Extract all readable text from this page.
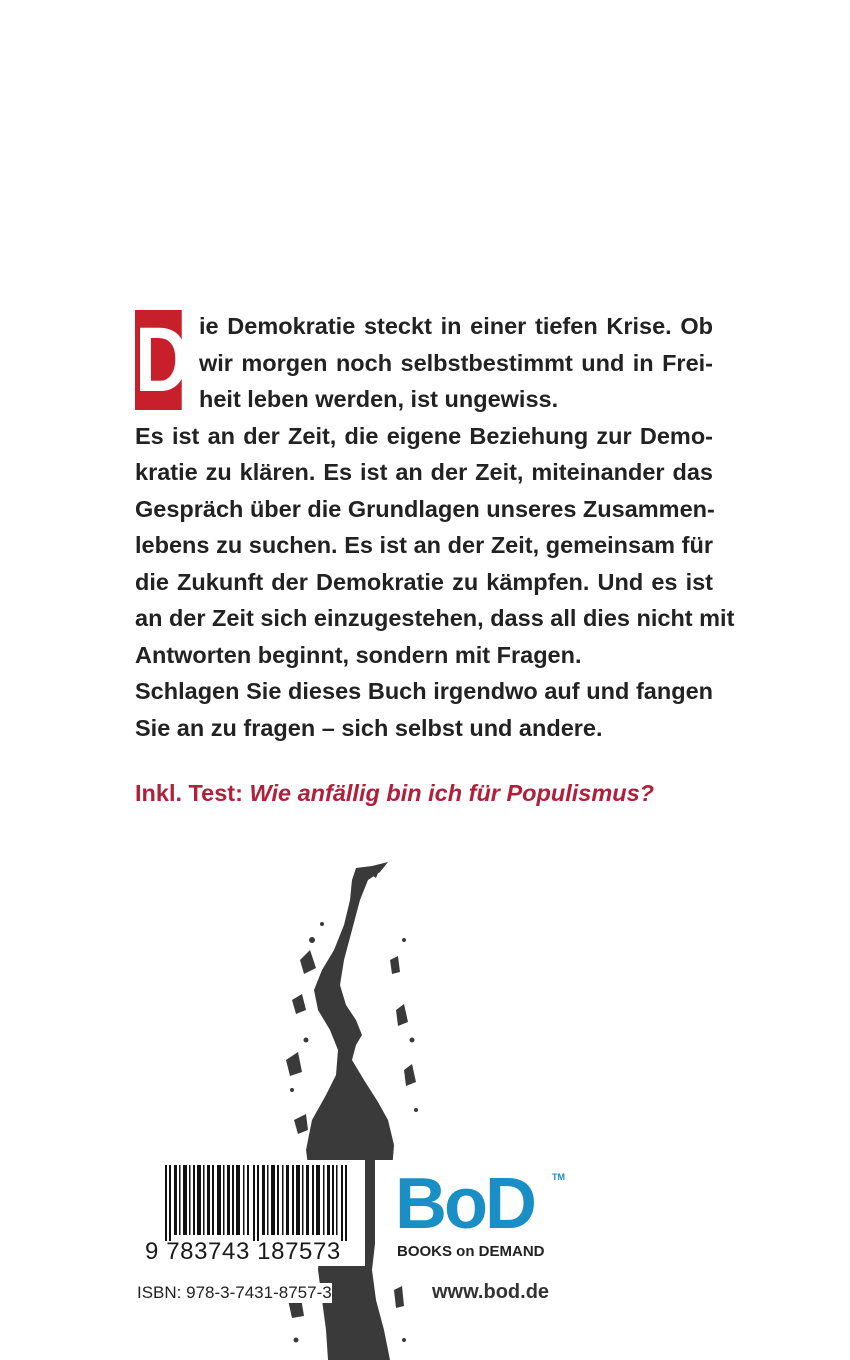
D ie Demokratie steckt in einer tiefen Krise. Ob
wir morgen noch selbstbestimmt und in Frei-
heit leben werden, ist ungewiss.
Es ist an der Zeit, die eigene Beziehung zur Demo-
kratie zu klären. Es ist an der Zeit, miteinander das
Gespräch über die Grundlagen unseres Zusammen-
lebens zu suchen. Es ist an der Zeit, gemeinsam für
die Zukunft der Demokratie zu kämpfen. Und es ist
an der Zeit sich einzugestehen, dass all dies nicht mit
Antworten beginnt, sondern mit Fragen.
Schlagen Sie dieses Buch irgendwo auf und fangen
Sie an zu fragen – sich selbst und andere.
Inkl. Test: Wie anfällig bin ich für Populismus?
9 783743 187573
ISBN: 978-3-7431-8757-3
BoD TM
BOOKS on DEMAND
www.bod.de
